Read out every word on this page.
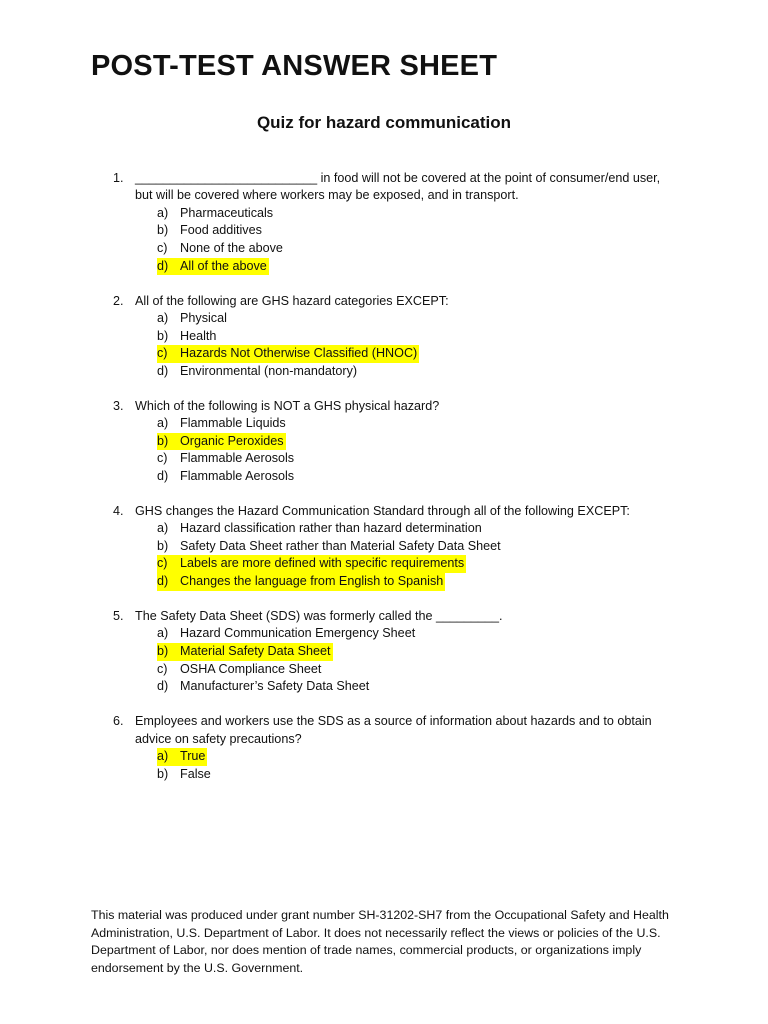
POST-TEST ANSWER SHEET
Quiz for hazard communication
1. __________________________ in food will not be covered at the point of consumer/end user,
but will be covered where workers may be exposed, and in transport.
a) Pharmaceuticals
b) Food additives
c) None of the above
d) All of the above
2. All of the following are GHS hazard categories EXCEPT:
a) Physical
b) Health
c) Hazards Not Otherwise Classified (HNOC)
d) Environmental (non-mandatory)
3. Which of the following is NOT a GHS physical hazard?
a) Flammable Liquids
b) Organic Peroxides
c) Flammable Aerosols
d) Flammable Aerosols
4. GHS changes the Hazard Communication Standard through all of the following EXCEPT:
a) Hazard classification rather than hazard determination
b) Safety Data Sheet rather than Material Safety Data Sheet
c) Labels are more defined with specific requirements
d) Changes the language from English to Spanish
5. The Safety Data Sheet (SDS) was formerly called the _________.
a) Hazard Communication Emergency Sheet
b) Material Safety Data Sheet
c) OSHA Compliance Sheet
d) Manufacturer’s Safety Data Sheet
6. Employees and workers use the SDS as a source of information about hazards and to obtain
advice on safety precautions?
a) True
b) False
This material was produced under grant number SH-31202-SH7 from the Occupational Safety and Health
Administration, U.S. Department of Labor. It does not necessarily reflect the views or policies of the U.S.
Department of Labor, nor does mention of trade names, commercial products, or organizations imply
endorsement by the U.S. Government.
